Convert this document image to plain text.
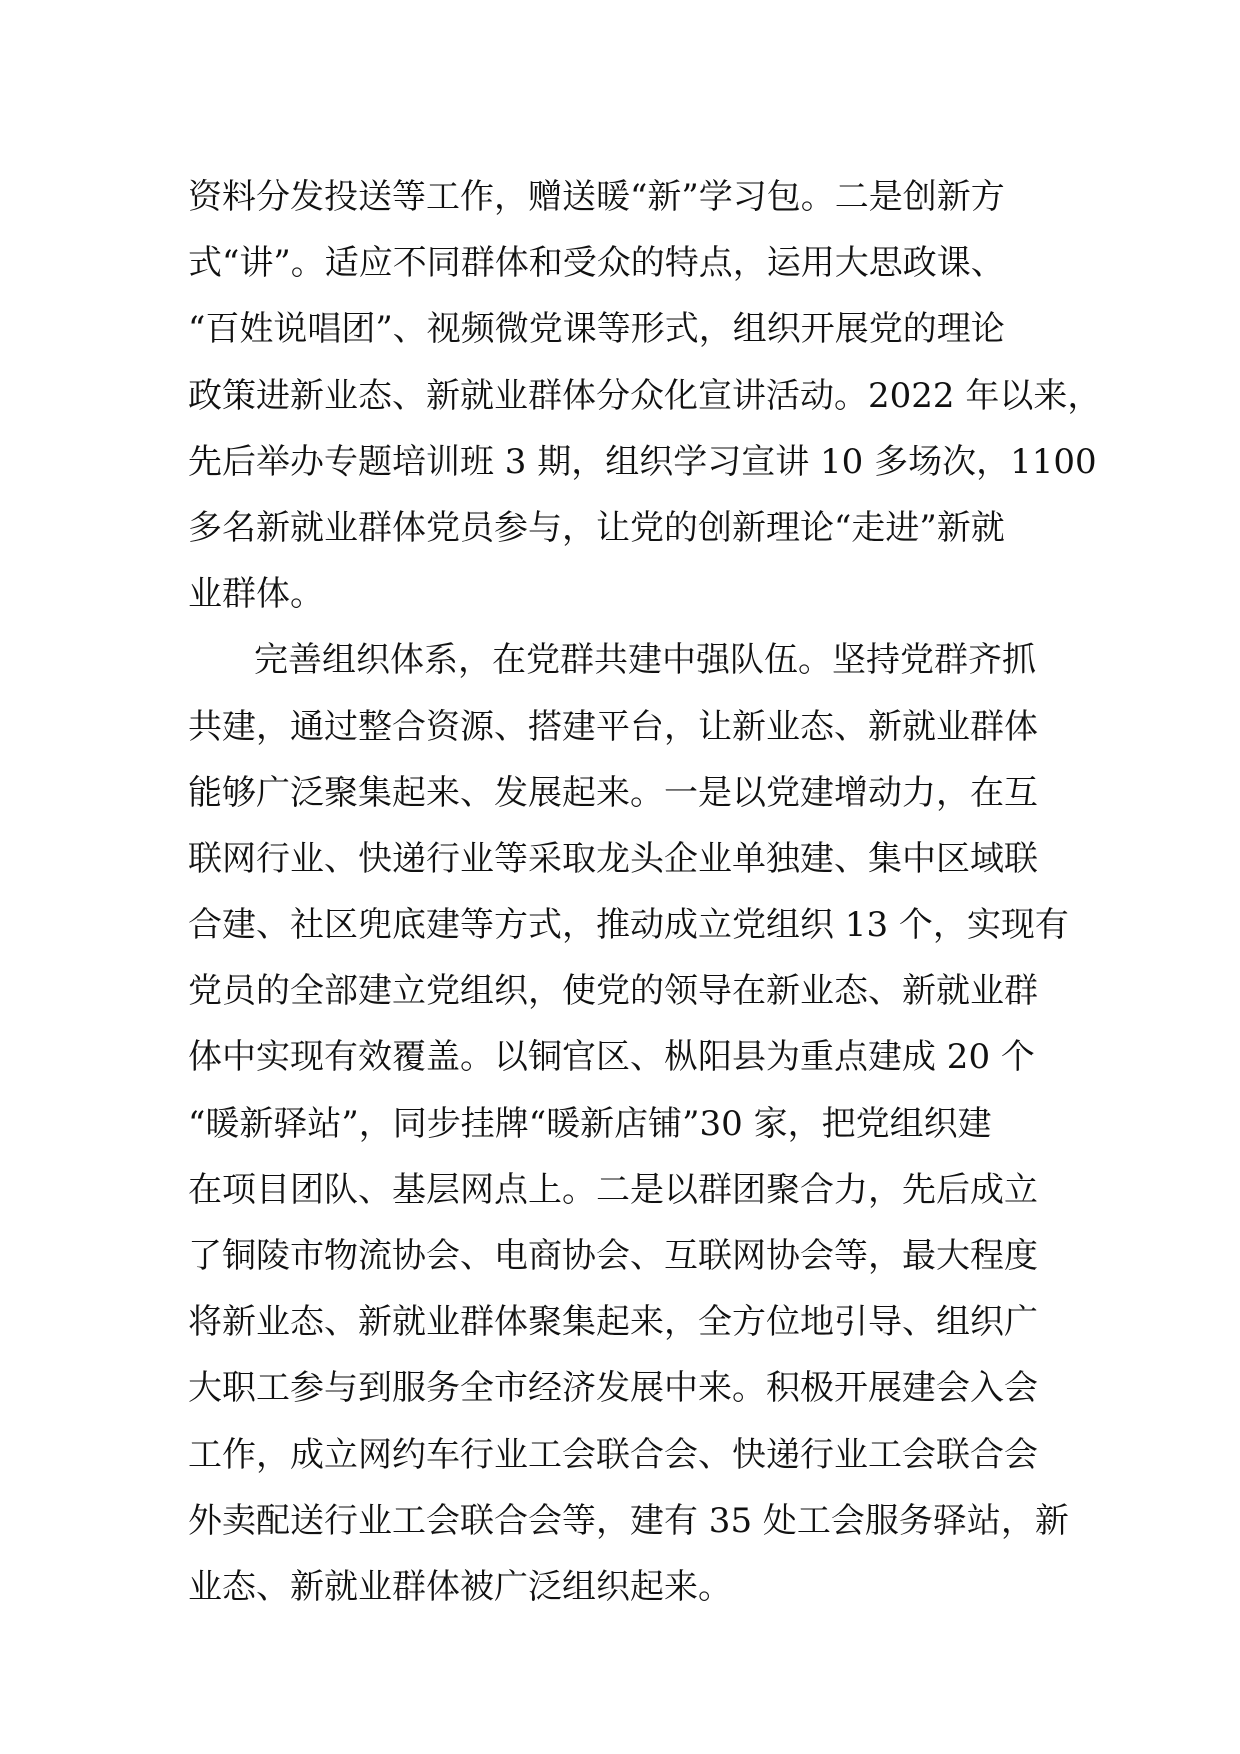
资料分发投送等工作，赠送暖“新”学习包。二是创新方
式“讲”。适应不同群体和受众的特点，运用大思政课、
“百姓说唱团”、视频微党课等形式，组织开展党的理论
政策进新业态、新就业群体分众化宣讲活动。2022 年以来，
先后举办专题培训班 3 期，组织学习宣讲 10 多场次，1100
多名新就业群体党员参与，让党的创新理论“走进”新就
业群体。
完善组织体系，在党群共建中强队伍。坚持党群齐抓
共建，通过整合资源、搭建平台，让新业态、新就业群体
能够广泛聚集起来、发展起来。一是以党建增动力，在互
联网行业、快递行业等采取龙头企业单独建、集中区域联
合建、社区兜底建等方式，推动成立党组织 13 个，实现有
党员的全部建立党组织，使党的领导在新业态、新就业群
体中实现有效覆盖。以铜官区、枞阳县为重点建成 20 个
“暖新驿站”，同步挂牌“暖新店铺”30 家，把党组织建
在项目团队、基层网点上。二是以群团聚合力，先后成立
了铜陵市物流协会、电商协会、互联网协会等，最大程度
将新业态、新就业群体聚集起来，全方位地引导、组织广
大职工参与到服务全市经济发展中来。积极开展建会入会
工作，成立网约车行业工会联合会、快递行业工会联合会
外卖配送行业工会联合会等，建有 35 处工会服务驿站，新
业态、新就业群体被广泛组织起来。
